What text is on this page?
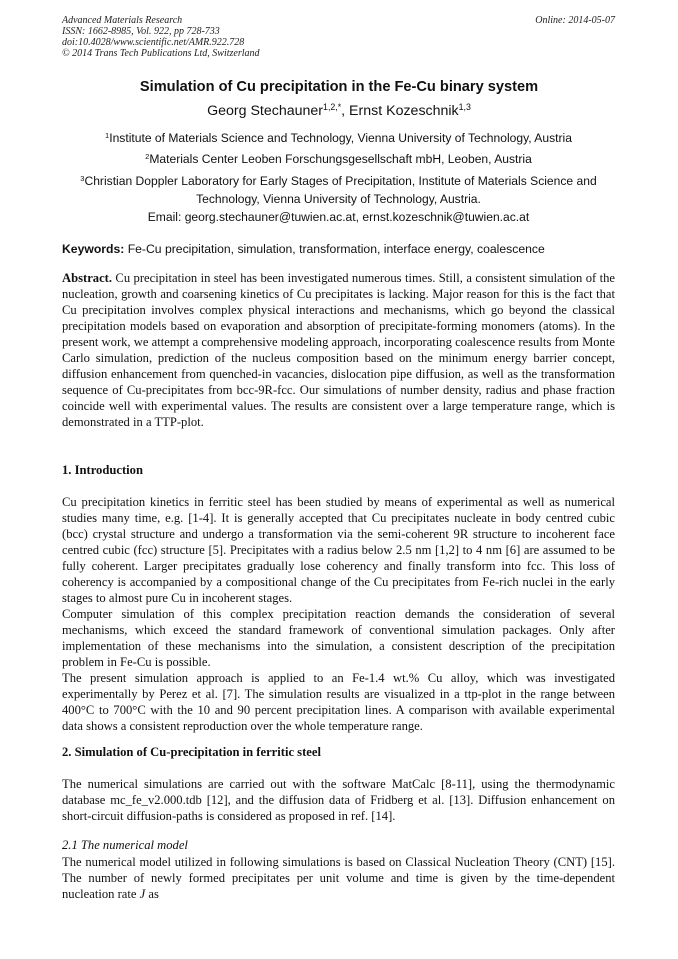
Advanced Materials Research
ISSN: 1662-8985, Vol. 922, pp 728-733
doi:10.4028/www.scientific.net/AMR.922.728
© 2014 Trans Tech Publications Ltd, Switzerland
Online: 2014-05-07
Simulation of Cu precipitation in the Fe-Cu binary system
Georg Stechauner$^{1,2,*}$, Ernst Kozeschnik$^{1,3}$
$^1$Institute of Materials Science and Technology, Vienna University of Technology, Austria
$^2$Materials Center Leoben Forschungsgesellschaft mbH, Leoben, Austria
$^3$Christian Doppler Laboratory for Early Stages of Precipitation, Institute of Materials Science and Technology, Vienna University of Technology, Austria.
Email: georg.stechauner@tuwien.ac.at, ernst.kozeschnik@tuwien.ac.at
Keywords: Fe-Cu precipitation, simulation, transformation, interface energy, coalescence
Abstract. Cu precipitation in steel has been investigated numerous times. Still, a consistent simulation of the nucleation, growth and coarsening kinetics of Cu precipitates is lacking. Major reason for this is the fact that Cu precipitation involves complex physical interactions and mechanisms, which go beyond the classical precipitation models based on evaporation and absorption of precipitate-forming monomers (atoms). In the present work, we attempt a comprehensive modeling approach, incorporating coalescence results from Monte Carlo simulation, prediction of the nucleus composition based on the minimum energy barrier concept, diffusion enhancement from quenched-in vacancies, dislocation pipe diffusion, as well as the transformation sequence of Cu-precipitates from bcc-9R-fcc. Our simulations of number density, radius and phase fraction coincide well with experimental values. The results are consistent over a large temperature range, which is demonstrated in a TTP-plot.
1. Introduction
Cu precipitation kinetics in ferritic steel has been studied by means of experimental as well as numerical studies many time, e.g. [1-4]. It is generally accepted that Cu precipitates nucleate in body centred cubic (bcc) crystal structure and undergo a transformation via the semi-coherent 9R structure to incoherent face centred cubic (fcc) structure [5]. Precipitates with a radius below 2.5 nm [1,2] to 4 nm [6] are assumed to be fully coherent. Larger precipitates gradually lose coherency and finally transform into fcc. This loss of coherency is accompanied by a compositional change of the Cu precipitates from Fe-rich nuclei in the early stages to almost pure Cu in incoherent stages.
Computer simulation of this complex precipitation reaction demands the consideration of several mechanisms, which exceed the standard framework of conventional simulation packages. Only after implementation of these mechanisms into the simulation, a consistent description of the precipitation problem in Fe-Cu is possible.
The present simulation approach is applied to an Fe-1.4 wt.% Cu alloy, which was investigated experimentally by Perez et al. [7]. The simulation results are visualized in a ttp-plot in the range between 400°C to 700°C with the 10 and 90 percent precipitation lines. A comparison with available experimental data shows a consistent reproduction over the whole temperature range.
2. Simulation of Cu-precipitation in ferritic steel
The numerical simulations are carried out with the software MatCalc [8-11], using the thermodynamic database mc_fe_v2.000.tdb [12], and the diffusion data of Fridberg et al. [13]. Diffusion enhancement on short-circuit diffusion-paths is considered as proposed in ref. [14].
2.1 The numerical model
The numerical model utilized in following simulations is based on Classical Nucleation Theory (CNT) [15]. The number of newly formed precipitates per unit volume and time is given by the time-dependent nucleation rate J as
